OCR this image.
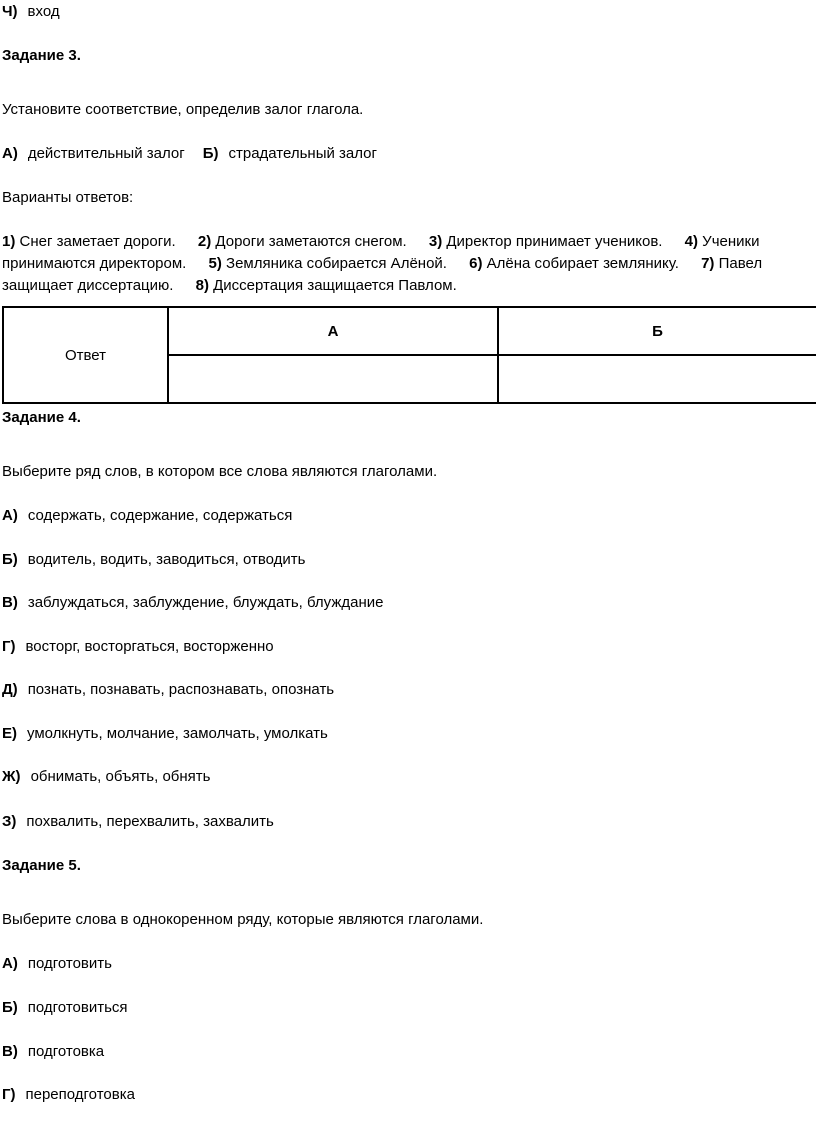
Ч) вход
Задание 3.
Установите соответствие, определив залог глагола.
А) действительный залог Б) страдательный залог
Варианты ответов:
1) Снег заметает дороги. 2) Дороги заметаются снегом. 3) Директор принимает учеников. 4) Ученики принимаются директором. 5) Земляника собирается Алёной. 6) Алёна собирает землянику. 7) Павел защищает диссертацию. 8) Диссертация защищается Павлом.
Ответ	А	Б

Задание 4.
Выберите ряд слов, в котором все слова являются глаголами.
А) содержать, содержание, содержаться
Б) водитель, водить, заводиться, отводить
В) заблуждаться, заблуждение, блуждать, блуждание
Г) восторг, восторгаться, восторженно
Д) познать, познавать, распознавать, опознать
Е) умолкнуть, молчание, замолчать, умолкать
Ж) обнимать, объять, обнять
З) похвалить, перехвалить, захвалить
Задание 5.
Выберите слова в однокоренном ряду, которые являются глаголами.
А) подготовить
Б) подготовиться
В) подготовка
Г) переподготовка
